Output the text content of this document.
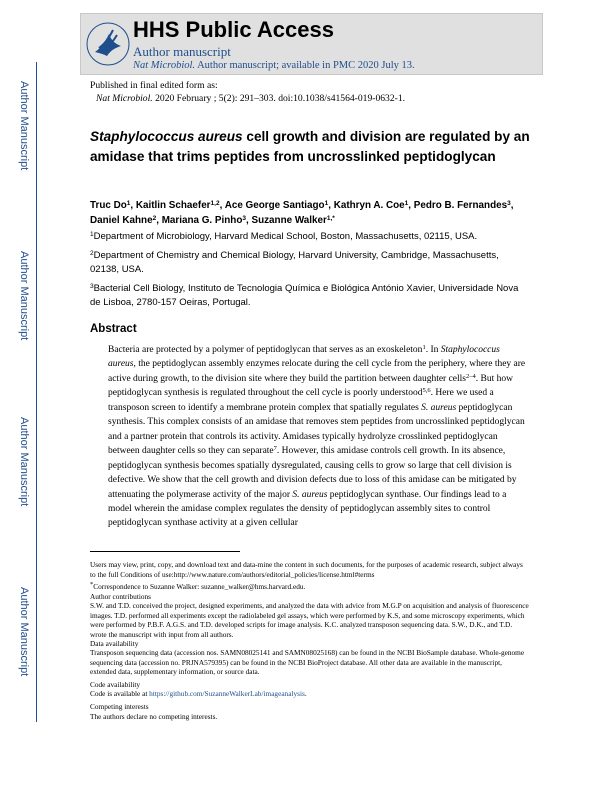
Author Manuscript
Author Manuscript
Author Manuscript
Author Manuscript
HHS Public Access
Author manuscript
Nat Microbiol. Author manuscript; available in PMC 2020 July 13.
Published in final edited form as:
Nat Microbiol. 2020 February ; 5(2): 291–303. doi:10.1038/s41564-019-0632-1.
Staphylococcus aureus cell growth and division are regulated by an amidase that trims peptides from uncrosslinked peptidoglycan
Truc Do$^1$, Kaitlin Schaefer$^{1,2}$, Ace George Santiago$^1$, Kathryn A. Coe$^1$, Pedro B. Fernandes$^3$, Daniel Kahne$^2$, Mariana G. Pinho$^3$, Suzanne Walker$^{1,*}$
$^1$Department of Microbiology, Harvard Medical School, Boston, Massachusetts, 02115, USA.
$^2$Department of Chemistry and Chemical Biology, Harvard University, Cambridge, Massachusetts, 02138, USA.
$^3$Bacterial Cell Biology, Instituto de Tecnologia Química e Biológica António Xavier, Universidade Nova de Lisboa, 2780-157 Oeiras, Portugal.
Abstract
Bacteria are protected by a polymer of peptidoglycan that serves as an exoskeleton$^1$. In Staphylococcus aureus, the peptidoglycan assembly enzymes relocate during the cell cycle from the periphery, where they are active during growth, to the division site where they build the partition between daughter cells$^{2-4}$. But how peptidoglycan synthesis is regulated throughout the cell cycle is poorly understood$^{5,6}$. Here we used a transposon screen to identify a membrane protein complex that spatially regulates S. aureus peptidoglycan synthesis. This complex consists of an amidase that removes stem peptides from uncrosslinked peptidoglycan and a partner protein that controls its activity. Amidases typically hydrolyze crosslinked peptidoglycan between daughter cells so they can separate$^7$. However, this amidase controls cell growth. In its absence, peptidoglycan synthesis becomes spatially dysregulated, causing cells to grow so large that cell division is defective. We show that the cell growth and division defects due to loss of this amidase can be mitigated by attenuating the polymerase activity of the major S. aureus peptidoglycan synthase. Our findings lead to a model wherein the amidase complex regulates the density of peptidoglycan assembly sites to control peptidoglycan synthase activity at a given cellular
Users may view, print, copy, and download text and data-mine the content in such documents, for the purposes of academic research, subject always to the full Conditions of use:http://www.nature.com/authors/editorial_policies/license.html#terms
*Correspondence to Suzanne Walker: suzanne_walker@hms.harvard.edu.
Author contributions
S.W. and T.D. conceived the project, designed experiments, and analyzed the data with advice from M.G.P on acquisition and analysis of fluorescence images. T.D. performed all experiments except the radiolabeled gel assays, which were performed by K.S, and some microscopy experiments, which were performed by P.B.F. A.G.S. and T.D. developed scripts for image analysis. K.C. analyzed transposon sequencing data. S.W., D.K., and T.D. wrote the manuscript with input from all authors.
Data availability
Transposon sequencing data (accession nos. SAMN08025141 and SAMN08025168) can be found in the NCBI BioSample database. Whole-genome sequencing data (accession no. PRJNA579395) can be found in the NCBI BioProject database. All other data are available in the manuscript, extended data, supplementary information, or source data.
Code availability
Code is available at https://github.com/SuzanneWalkerLab/imageanalysis.
Competing interests
The authors declare no competing interests.
